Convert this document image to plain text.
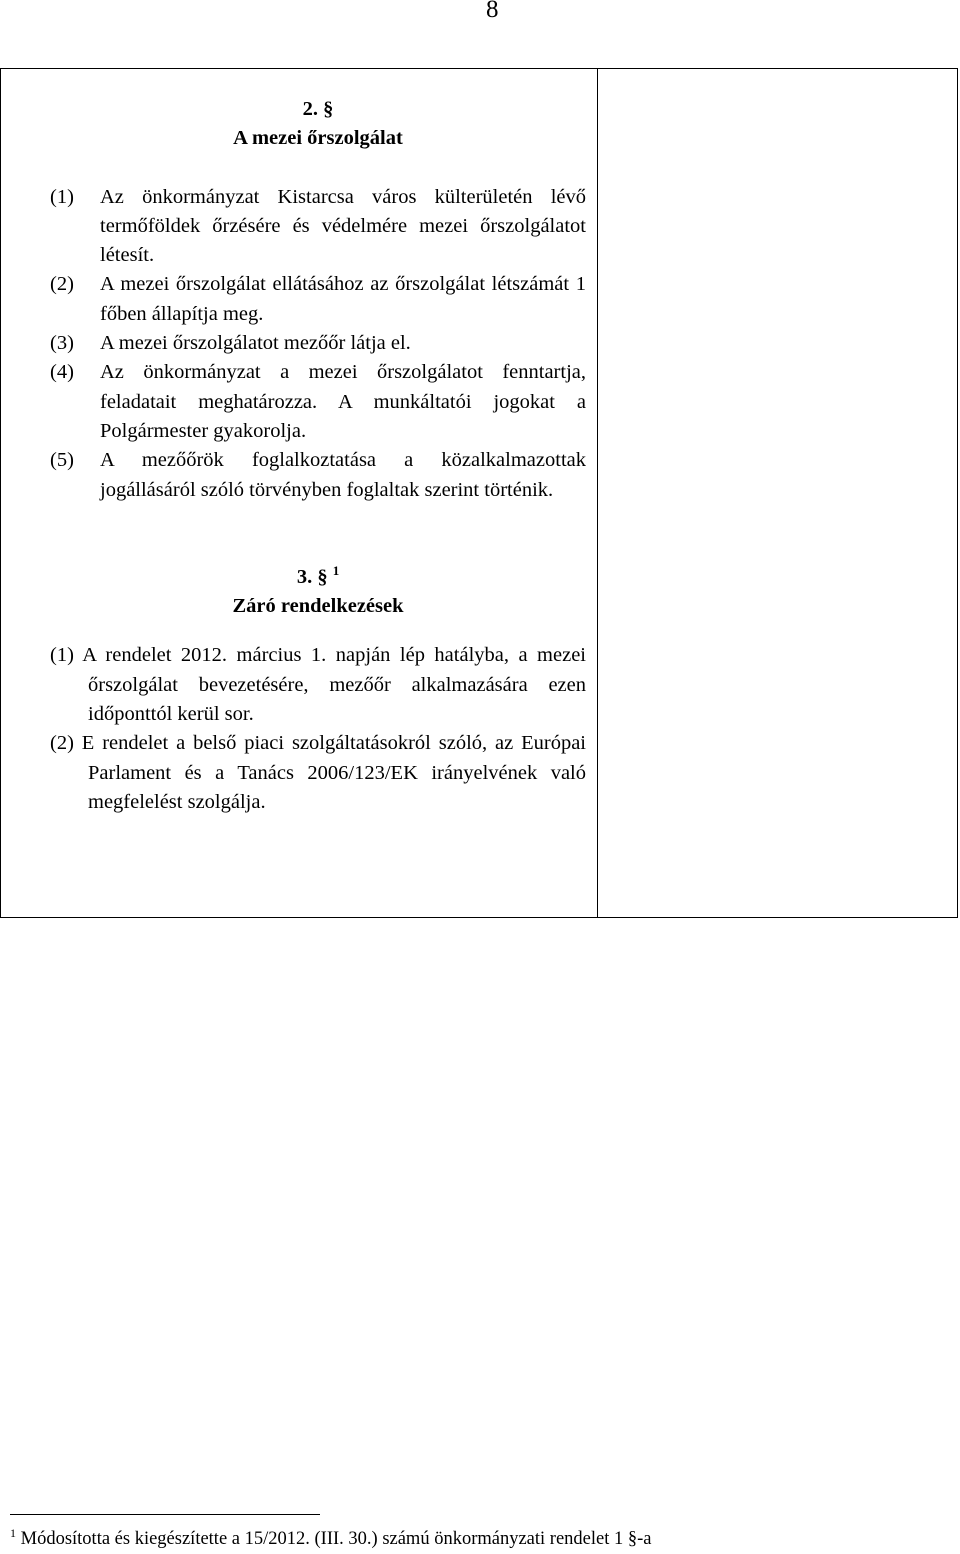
8
2. §
A mezei őrszolgálat
(1)	Az önkormányzat Kistarcsa város külterületén lévő termőföldek őrzésére és védelmére mezei őrszolgálatot létesít.
(2)	A mezei őrszolgálat ellátásához az őrszolgálat létszámát 1 főben állapítja meg.
(3)	A mezei őrszolgálatot mezőőr látja el.
(4)	Az önkormányzat a mezei őrszolgálatot fenntartja, feladatait meghatározza. A munkáltatói jogokat a Polgármester gyakorolja.
(5)	A mezőőrök foglalkoztatása a közalkalmazottak jogállásáról szóló törvényben foglaltak szerint történik.
3. § $^1$
Záró rendelkezések
(1) A rendelet 2012. március 1. napján lép hatályba, a mezei őrszolgálat bevezetésére, mezőőr alkalmazására ezen időponttól kerül sor.
(2) E rendelet a belső piaci szolgáltatásokról szóló, az Európai Parlament és a Tanács 2006/123/EK irányelvének való megfelelést szolgálja.
$^1$ Módosította és kiegészítette a 15/2012. (III. 30.) számú önkormányzati rendelet 1 §-a
